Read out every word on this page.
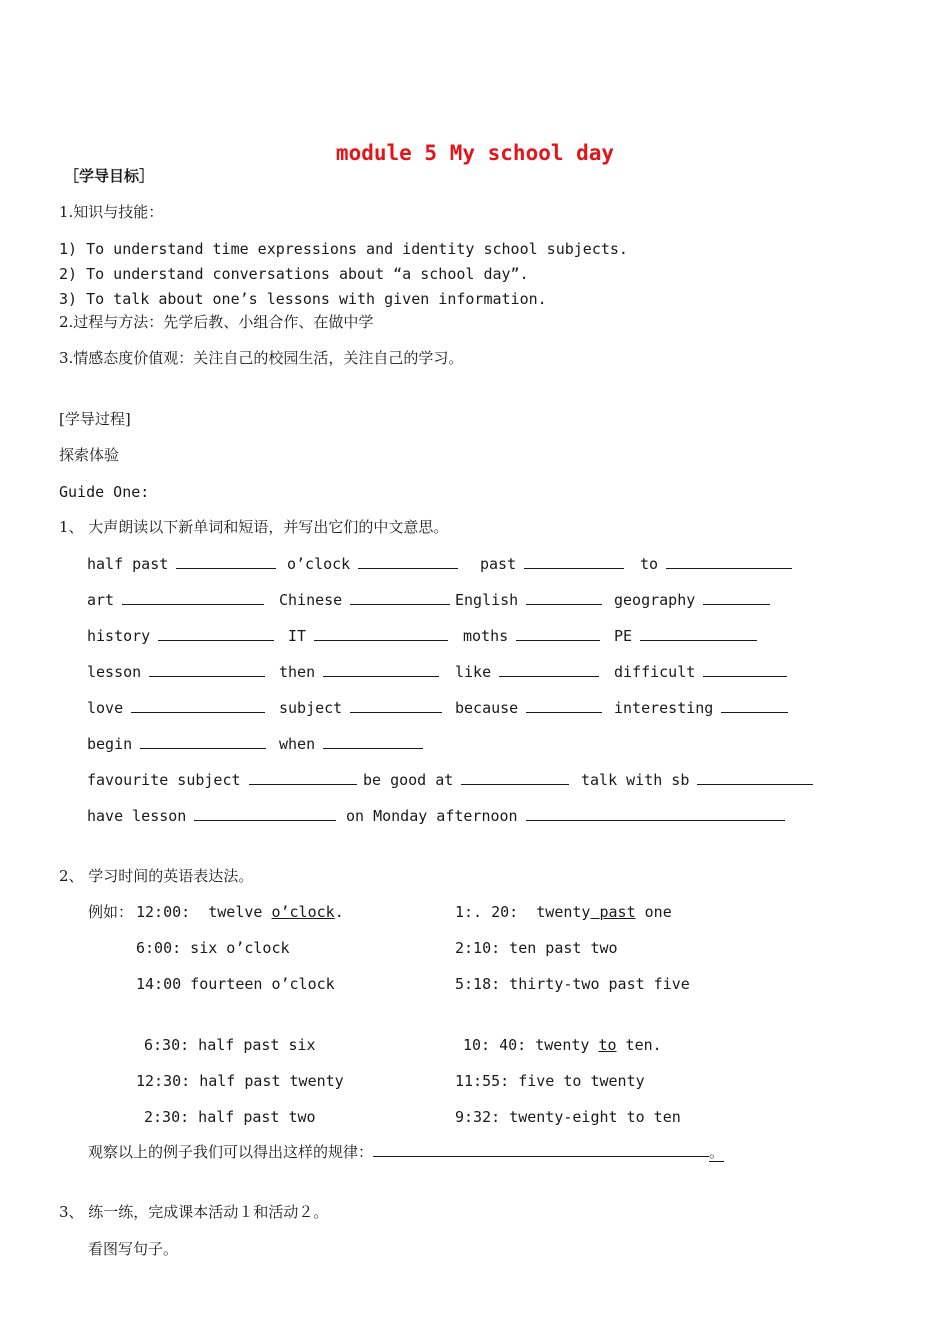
module 5 My school day
［学导目标］
1.知识与技能：
1) To understand time expressions and identity school subjects.
2) To understand conversations about “a school day”.
3) To talk about one’s lessons with given information.
2.过程与方法：先学后教、小组合作、在做中学
3.情感态度价值观：关注自己的校园生活，关注自己的学习。
[学导过程]
探索体验
Guide One:
1、 大声朗读以下新单词和短语，并写出它们的中文意思。
half past	o’clock	past	to
art	Chinese	English	geography
history	IT	moths	PE
lesson	then	like	difficult
love	subject	because	interesting
begin	when
favourite subject	be good at	talk with sb
have lesson	on Monday afternoon
2、 学习时间的英语表达法。
例如： 12:00: twelve o’clock.	1:. 20: twenty past one
6:00: six o’clock	2:10: ten past two
14:00 fourteen o’clock	5:18: thirty-two past five
6:30: half past six	10: 40: twenty to ten.
12:30: half past twenty	11:55: five to twenty
2:30: half past two	9:32: twenty-eight to ten
观察以上的例子我们可以得出这样的规律：	。
3、 练一练，完成课本活动１和活动２。
看图写句子。
